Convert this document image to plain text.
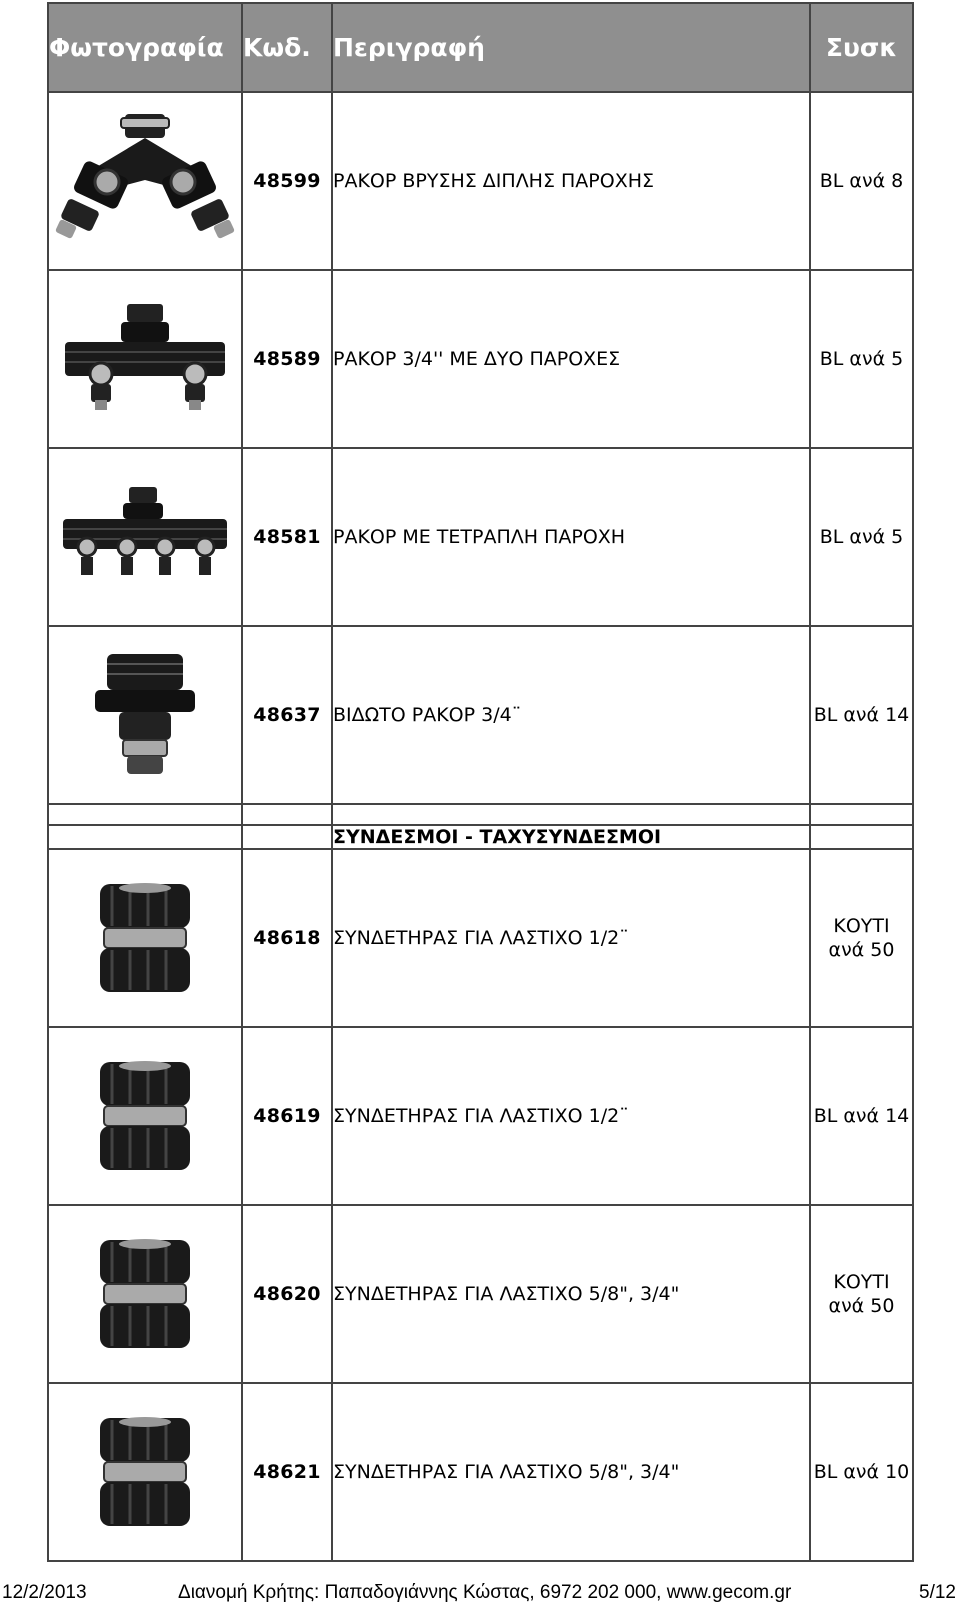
Φωτογραφία	Κωδ.	Περιγραφή	Συσκ

	48599	ΡΑΚΟΡ ΒΡΥΣΗΣ ΔΙΠΛΗΣ ΠΑΡΟΧΗΣ	BL ανά 8

	48589	ΡΑΚΟΡ 3/4'' ΜΕ ΔΥΟ ΠΑΡΟΧΕΣ	BL ανά 5

	48581	ΡΑΚΟΡ ΜΕ ΤΕΤΡΑΠΛΗ ΠΑΡΟΧΗ	BL ανά 5

	48637	ΒΙΔΩΤΟ ΡΑΚΟΡ 3/4¨	BL ανά 14

		ΣΥΝΔΕΣΜΟΙ - ΤΑΧΥΣΥΝΔΕΣΜΟΙ	

	48618	ΣΥΝΔΕΤΗΡΑΣ ΓΙΑ ΛΑΣΤΙΧΟ 1/2¨	ΚΟΥΤΙ
ανά 50

	48619	ΣΥΝΔΕΤΗΡΑΣ ΓΙΑ ΛΑΣΤΙΧΟ 1/2¨	BL ανά 14

	48620	ΣΥΝΔΕΤΗΡΑΣ ΓΙΑ ΛΑΣΤΙΧΟ 5/8", 3/4"	ΚΟΥΤΙ
ανά 50

	48621	ΣΥΝΔΕΤΗΡΑΣ ΓΙΑ ΛΑΣΤΙΧΟ 5/8", 3/4"	BL ανά 10
12/2/2013	Διανομή Κρήτης: Παπαδογιάννης Κώστας, 6972 202 000, www.gecom.gr	5/12
